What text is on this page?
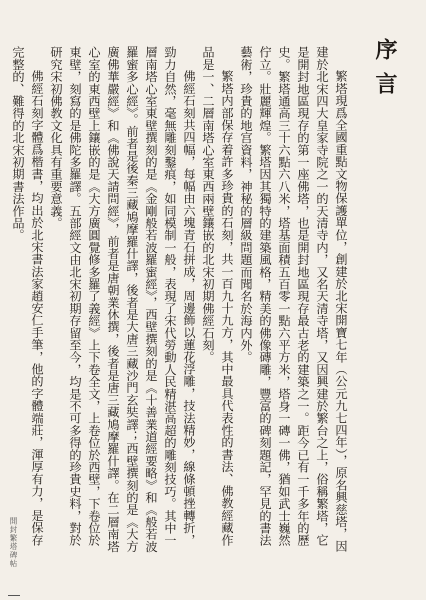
序言

繁塔現爲全國重點文物保護單位，創建於北宋開寶七年（公元九七四年），原名興慈塔，因建於北宋四大皇家寺院之一的天清寺内，又名天清寺塔，又因興建於繁台之上，俗稱繁塔，它是開封地區現存的第一座佛塔，也是開封地區現存最古老的建築之一。距今已有一千多年的歷史。繁塔通高三十六點六八米，塔基面積五百零一點六平方米，塔身一磚一佛，猶如武士巍然佇立。壯麗輝煌。繁塔因其獨特的建築風格，精美的佛像磚雕，豐富的碑刻題記，罕見的書法藝術，珍貴的地宫資料，神秘的層級問題而聞名於海内外。

繁塔内部保存着許多珍貴的石刻，共一百九十九方，其中最具代表性的書法、佛教經藏作品是一、二層南塔心室東西兩壁鑲嵌的北宋初期佛經石刻。

佛經石刻共四幅，每幅由六塊青石拼成，周邊飾以蓮花浮雕，技法精妙，線條頓挫轉折，勁力自然，毫無雕刻鑿痕，如同模制一般，表現了宋代勞動人民精湛高超的雕刻技巧。其中一層南塔心室東壁撰刻的是《金剛般若波羅蜜經》，西壁撰刻的是《十善業道經要略》和《般若波羅蜜多心經》。前者是後秦三藏鳩摩羅什譯，後者是大唐三藏沙門玄奘譯；西壁撰刻的是《大方廣佛華嚴經》和《佛說天請問經》，前者是唐朝業休撰，後者是唐三藏鳩摩羅什譯。在二層南塔心室的東西壁上鑲嵌的是《大方廣圓覺修多羅了義經》上下卷全文，上卷位於西壁，下卷位於東壁，刻寫的是佛陀多羅譯。五部經文由北宋初期存留至今，均是不可多得的珍貴史料，對於研究宋初佛教文化具有重要意義。

佛經石刻字體爲楷書，均出於北宋書法家趙安仁手筆，他的字體端莊，渾厚有力，是保存完整的、難得的北宋初期書法作品。

開封繁塔碑帖
